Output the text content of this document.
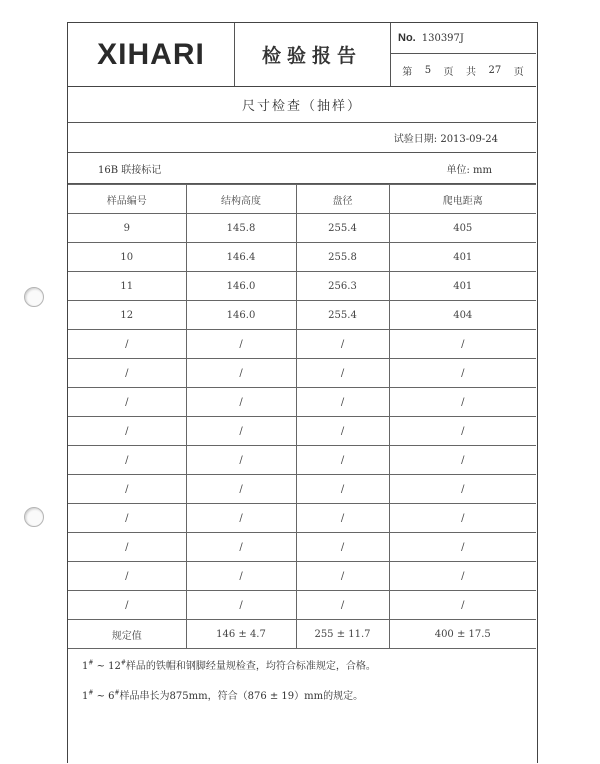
XIHARI	检验报告
No. 130397J
第 5 页 共 27 页
尺寸检查（抽样）
试验日期: 2013-09-24
16B 联接标记	单位: mm
样品编号	结构高度	盘径	爬电距离
9	145.8	255.4	405
10	146.4	255.8	401
11	146.0	256.3	401
12	146.0	255.4	404
/	/	/	/
/	/	/	/
/	/	/	/
/	/	/	/
/	/	/	/
/	/	/	/
/	/	/	/
/	/	/	/
/	/	/	/
/	/	/	/
规定值	146 ± 4.7	255 ± 11.7	400 ± 17.5
1# ~ 12#样品的铁帽和钢脚经量规检查，均符合标准规定，合格。
1# ~ 6#样品串长为875mm，符合（876 ± 19）mm的规定。
